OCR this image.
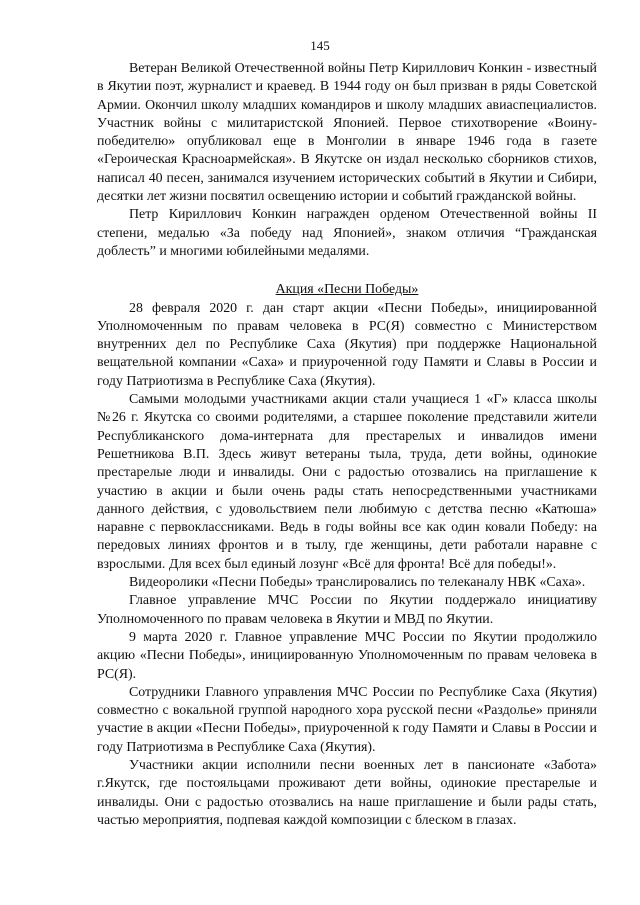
145

Ветеран Великой Отечественной войны Петр Кириллович Конкин - известный в Якутии поэт, журналист и краевед. В 1944 году он был призван в ряды Советской Армии. Окончил школу младших командиров и школу младших авиаспециалистов. Участник войны с милитаристской Японией. Первое стихотворение «Воину-победителю» опубликовал еще в Монголии в январе 1946 года в газете «Героическая Красноармейская». В Якутске он издал несколько сборников стихов, написал 40 песен, занимался изучением исторических событий в Якутии и Сибири, десятки лет жизни посвятил освещению истории и событий гражданской войны.

Петр Кириллович Конкин награжден орденом Отечественной войны II степени, медалью «За победу над Японией», знаком отличия “Гражданская доблесть” и многими юбилейными медалями.

Акция «Песни Победы»

28 февраля 2020 г. дан старт акции «Песни Победы», инициированной Уполномоченным по правам человека в РС(Я) совместно с Министерством внутренних дел по Республике Саха (Якутия) при поддержке Национальной вещательной компании «Саха» и приуроченной году Памяти и Славы в России и году Патриотизма в Республике Саха (Якутия).

Самыми молодыми участниками акции стали учащиеся 1 «Г» класса школы №26 г. Якутска со своими родителями, а старшее поколение представили жители Республиканского дома-интерната для престарелых и инвалидов имени Решетникова В.П. Здесь живут ветераны тыла, труда, дети войны, одинокие престарелые люди и инвалиды. Они с радостью отозвались на приглашение к участию в акции и были очень рады стать непосредственными участниками данного действия, с удовольствием пели любимую с детства песню «Катюша» наравне с первоклассниками. Ведь в годы войны все как один ковали Победу: на передовых линиях фронтов и в тылу, где женщины, дети работали наравне с взрослыми. Для всех был единый лозунг «Всё для фронта! Всё для победы!».

Видеоролики «Песни Победы» транслировались по телеканалу НВК «Саха».

Главное управление МЧС России по Якутии поддержало инициативу Уполномоченного по правам человека в Якутии и МВД по Якутии.

9 марта 2020 г. Главное управление МЧС России по Якутии продолжило акцию «Песни Победы», инициированную Уполномоченным по правам человека в РС(Я).

Сотрудники Главного управления МЧС России по Республике Саха (Якутия) совместно с вокальной группой народного хора русской песни «Раздолье» приняли участие в акции «Песни Победы», приуроченной к году Памяти и Славы в России и году Патриотизма в Республике Саха (Якутия).

Участники акции исполнили песни военных лет в пансионате «Забота» г.Якутск, где постояльцами проживают дети войны, одинокие престарелые и инвалиды. Они с радостью отозвались на наше приглашение и были рады стать, частью мероприятия, подпевая каждой композиции с блеском в глазах.
